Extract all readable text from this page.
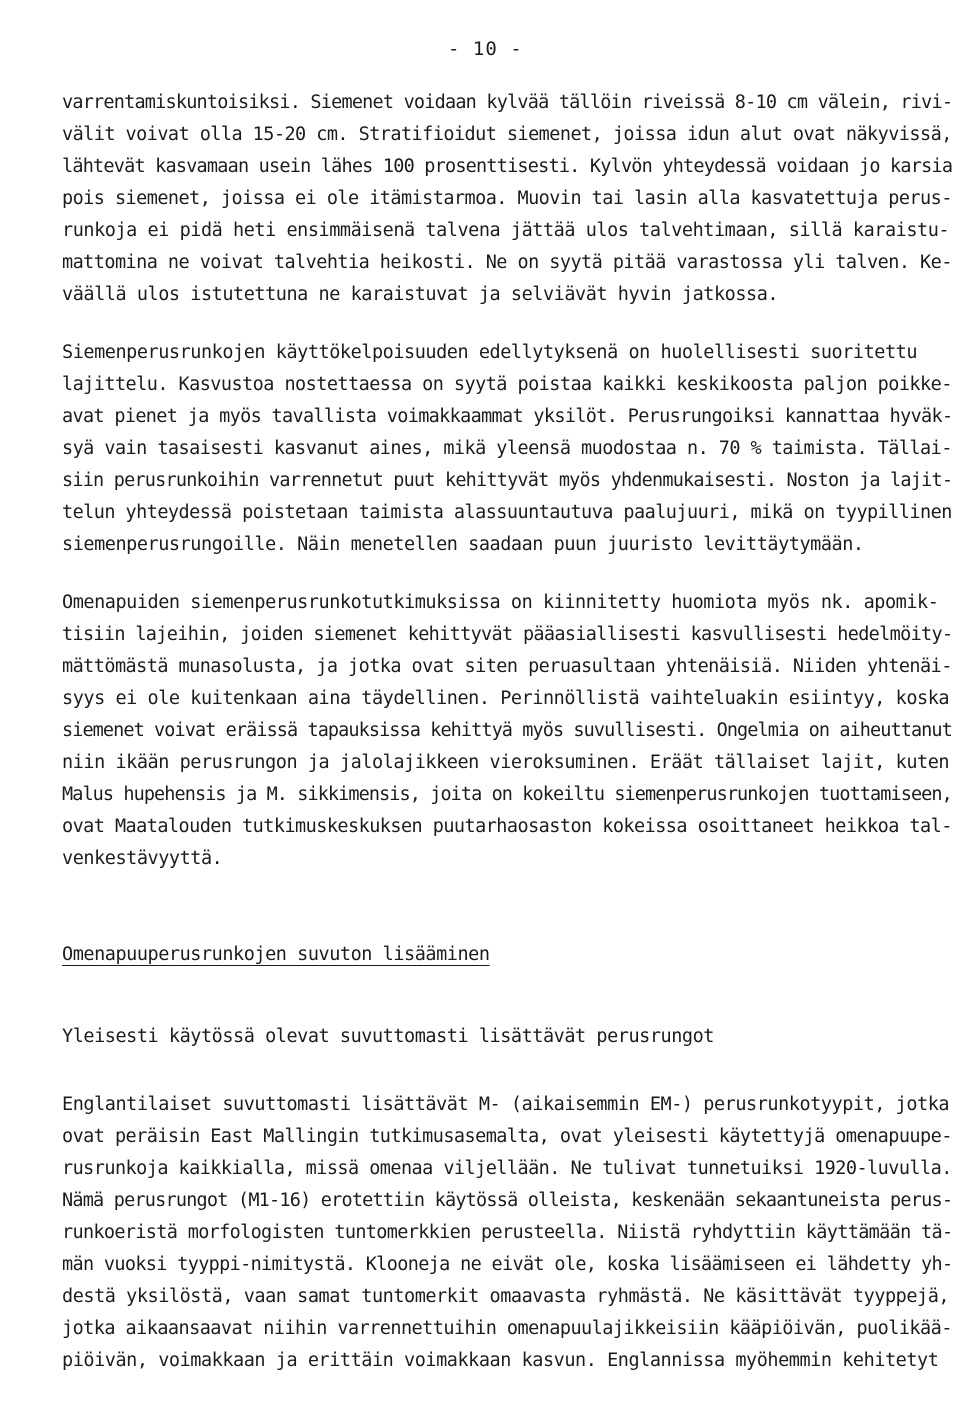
- 10 -
varrentamiskuntoisiksi. Siemenet voidaan kylvää tällöin riveissä 8-10 cm välein, rivi-
välit voivat olla 15-20 cm. Stratifioidut siemenet, joissa idun alut ovat näkyvissä,
lähtevät kasvamaan usein lähes 100 prosenttisesti. Kylvön yhteydessä voidaan jo karsia
pois siemenet, joissa ei ole itämistarmoa. Muovin tai lasin alla kasvatettuja perus-
runkoja ei pidä heti ensimmäisenä talvena jättää ulos talvehtimaan, sillä karaistu-
mattomina ne voivat talvehtia heikosti. Ne on syytä pitää varastossa yli talven. Ke-
väällä ulos istutettuna ne karaistuvat ja selviävät hyvin jatkossa.
Siemenperusrunkojen käyttökelpoisuuden edellytyksenä on huolellisesti suoritettu
lajittelu. Kasvustoa nostettaessa on syytä poistaa kaikki keskikoosta paljon poikke-
avat pienet ja myös tavallista voimakkaammat yksilöt. Perusrungoiksi kannattaa hyväk-
syä vain tasaisesti kasvanut aines, mikä yleensä muodostaa n. 70 % taimista. Tällai-
siin perusrunkoihin varrennetut puut kehittyvät myös yhdenmukaisesti. Noston ja lajit-
telun yhteydessä poistetaan taimista alassuuntautuva paalujuuri, mikä on tyypillinen
siemenperusrungoille. Näin menetellen saadaan puun juuristo levittäytymään.
Omenapuiden siemenperusrunkotutkimuksissa on kiinnitetty huomiota myös nk. apomik-
tisiin lajeihin, joiden siemenet kehittyvät pääasiallisesti kasvullisesti hedelmöity-
mättömästä munasolusta, ja jotka ovat siten peruasultaan yhtenäisiä. Niiden yhtenäi-
syys ei ole kuitenkaan aina täydellinen. Perinnöllistä vaihteluakin esiintyy, koska
siemenet voivat eräissä tapauksissa kehittyä myös suvullisesti. Ongelmia on aiheuttanut
niin ikään perusrungon ja jalolajikkeen vieroksuminen. Eräät tällaiset lajit, kuten
Malus hupehensis ja M. sikkimensis, joita on kokeiltu siemenperusrunkojen tuottamiseen,
ovat Maatalouden tutkimuskeskuksen puutarhaosaston kokeissa osoittaneet heikkoa tal-
venkestävyyttä.
Omenapuuperusrunkojen suvuton lisääminen
Yleisesti käytössä olevat suvuttomasti lisättävät perusrungot
Englantilaiset suvuttomasti lisättävät M- (aikaisemmin EM-) perusrunkotyypit, jotka
ovat peräisin East Mallingin tutkimusasemalta, ovat yleisesti käytettyjä omenapuupe-
rusrunkoja kaikkialla, missä omenaa viljellään. Ne tulivat tunnetuiksi 1920-luvulla.
Nämä perusrungot (M1-16) erotettiin käytössä olleista, keskenään sekaantuneista perus-
runkoeristä morfologisten tuntomerkkien perusteella. Niistä ryhdyttiin käyttämään tä-
män vuoksi tyyppi-nimitystä. Klooneja ne eivät ole, koska lisäämiseen ei lähdetty yh-
destä yksilöstä, vaan samat tuntomerkit omaavasta ryhmästä. Ne käsittävät tyyppejä,
jotka aikaansaavat niihin varrennettuihin omenapuulajikkeisiin kääpiöivän, puolikää-
piöivän, voimakkaan ja erittäin voimakkaan kasvun. Englannissa myöhemmin kehitetyt
